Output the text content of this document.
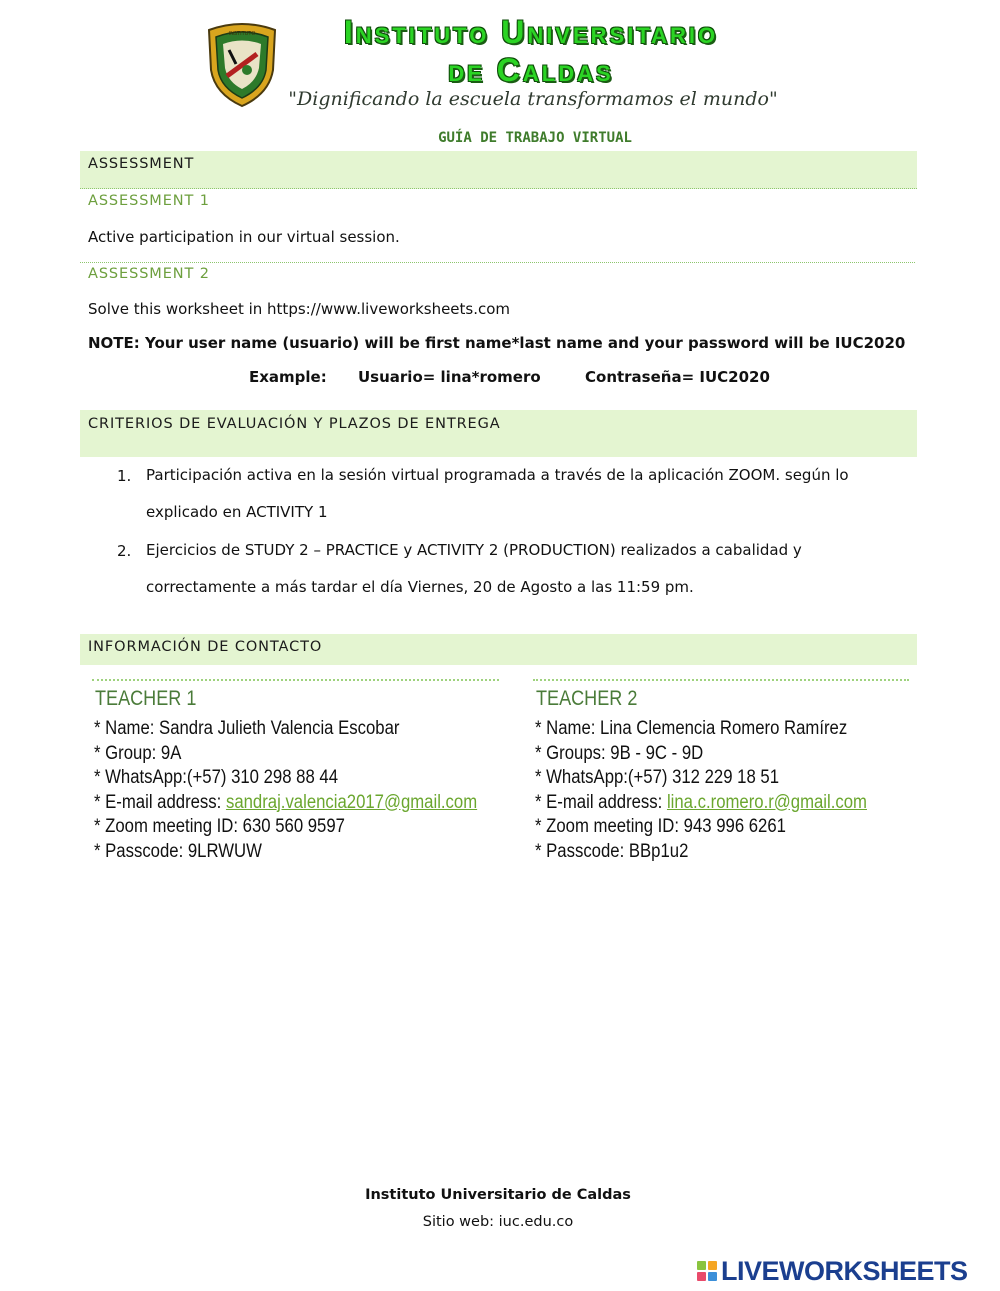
INSTITUTO	Instituto Universitario
de Caldas
"Dignificando la escuela transformamos el mundo"
GUÍA DE TRABAJO VIRTUAL
ASSESSMENT
ASSESSMENT 1
Active participation in our virtual session.
ASSESSMENT 2
Solve this worksheet in https://www.liveworksheets.com
NOTE: Your user name (usuario) will be first name*last name and your password will be IUC2020
Example: Usuario= lina*romero	Contraseña= IUC2020
CRITERIOS DE EVALUACIÓN Y PLAZOS DE ENTREGA
1. Participación activa en la sesión virtual programada a través de la aplicación ZOOM. según lo explicado en ACTIVITY 1
2. Ejercicios de STUDY 2 – PRACTICE y ACTIVITY 2 (PRODUCTION) realizados a cabalidad y correctamente a más tardar el día Viernes, 20 de Agosto a las 11:59 pm.
INFORMACIÓN DE CONTACTO
TEACHER 1
* Name: Sandra Julieth Valencia Escobar
* Group: 9A
* WhatsApp:(+57) 310 298 88 44
* E-mail address: sandraj.valencia2017@gmail.com
* Zoom meeting ID: 630 560 9597
* Passcode: 9LRWUW
TEACHER 2
* Name: Lina Clemencia Romero Ramírez
* Groups: 9B - 9C - 9D
* WhatsApp:(+57) 312 229 18 51
* E-mail address: lina.c.romero.r@gmail.com
* Zoom meeting ID: 943 996 6261
* Passcode: BBp1u2
Instituto Universitario de Caldas
Sitio web: iuc.edu.co
LIVEWORKSHEETS
